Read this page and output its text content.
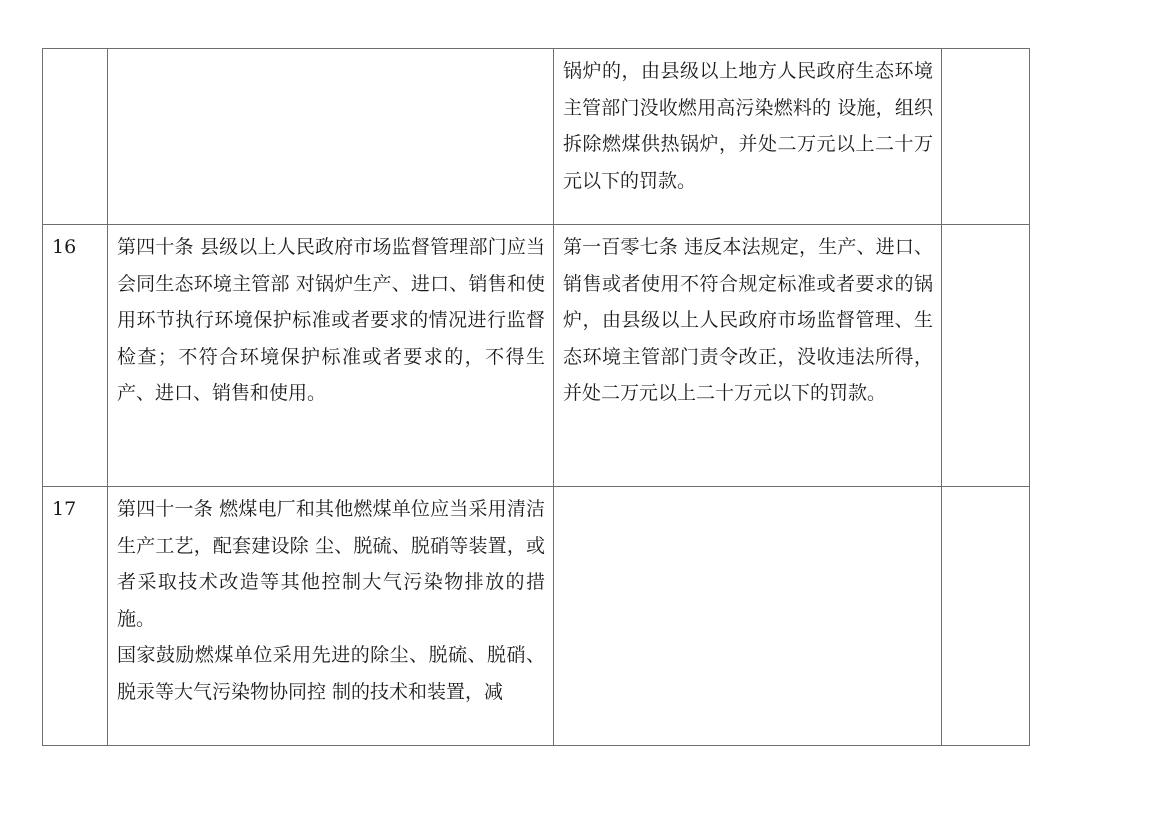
		锅炉的，由县级以上地方人民政府生态环境主管部门没收燃用高污染燃料的 设施，组织拆除燃煤供热锅炉，并处二万元以上二十万元以下的罚款。	
16	第四十条 县级以上人民政府市场监督管理部门应当会同生态环境主管部 对锅炉生产、进口、销售和使用环节执行环境保护标准或者要求的情况进行监督检查；不符合环境保护标准或者要求的，不得生产、进口、销售和使用。	第一百零七条 违反本法规定，生产、进口、销售或者使用不符合规定标准或者要求的锅炉，由县级以上人民政府市场监督管理、生态环境主管部门责令改正，没收违法所得，并处二万元以上二十万元以下的罚款。	
17	第四十一条 燃煤电厂和其他燃煤单位应当采用清洁生产工艺，配套建设除 尘、脱硫、脱硝等装置，或者采取技术改造等其他控制大气污染物排放的措施。
国家鼓励燃煤单位采用先进的除尘、脱硫、脱硝、脱汞等大气污染物协同控 制的技术和装置，减		
